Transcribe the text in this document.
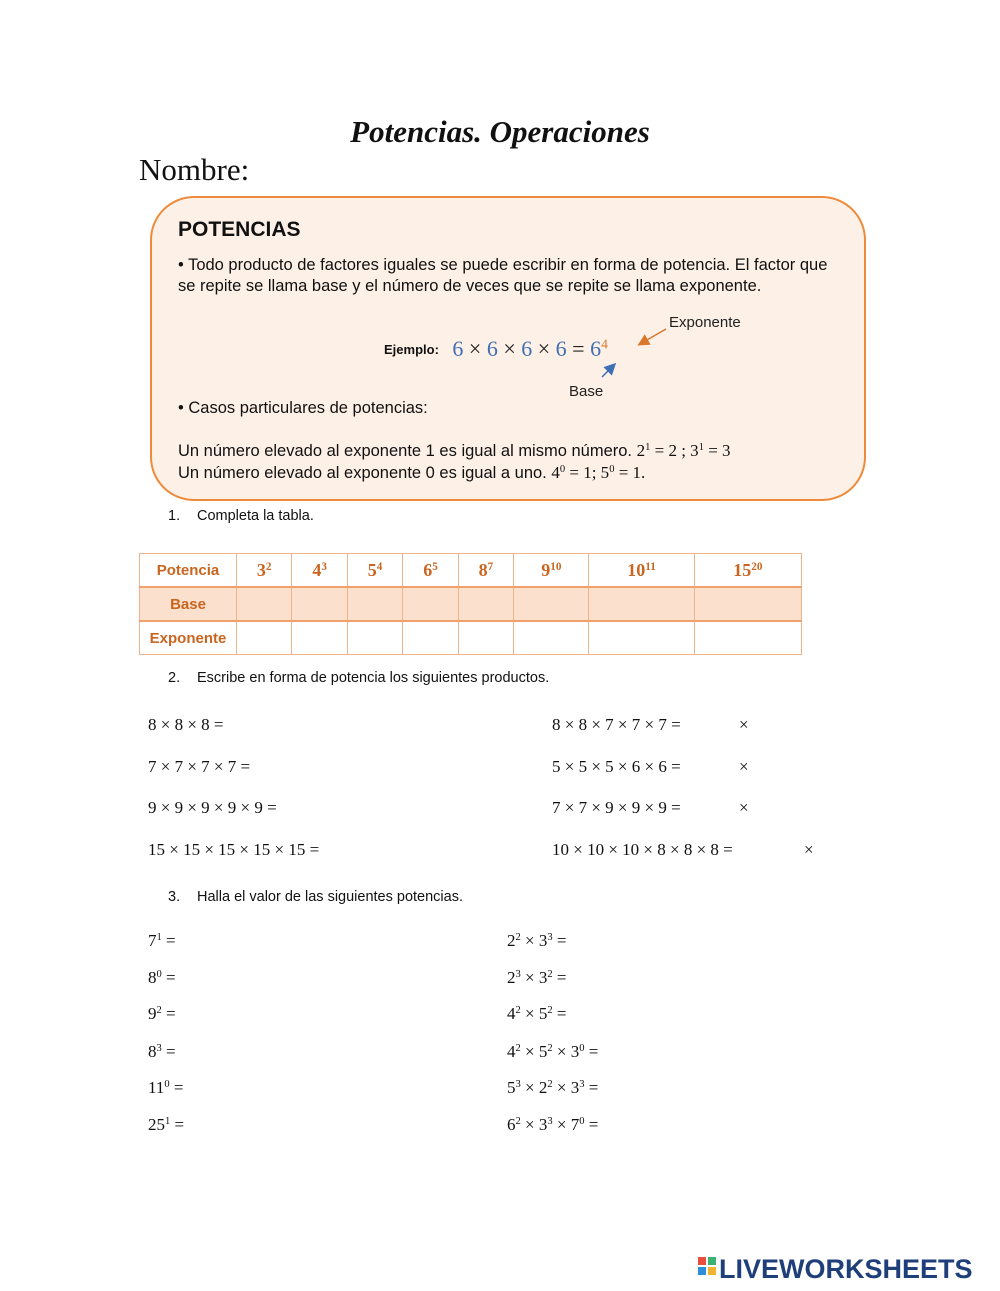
Potencias. Operaciones
Nombre:
POTENCIAS
• Todo producto de factores iguales se puede escribir en forma de potencia. El factor que se repite se llama base y el número de veces que se repite se llama exponente.
Ejemplo: $6 \times 6 \times 6 \times 6 = 6^4$
Exponente
Base
• Casos particulares de potencias:
Un número elevado al exponente 1 es igual al mismo número. $2^1 = 2$ ; $3^1 = 3$
Un número elevado al exponente 0 es igual a uno. $4^0 = 1$; $5^0 = 1$.
1. Completa la tabla.
Potencia	$3^2$	$4^3$	$5^4$	$6^5$	$8^7$	$9^{10}$	$10^{11}$	$15^{20}$
Base								
Exponente								
2. Escribe en forma de potencia los siguientes productos.
8 × 8 × 8 =
7 × 7 × 7 × 7 =
9 × 9 × 9 × 9 × 9 =
15 × 15 × 15 × 15 × 15 =
8 × 8 × 7 × 7 × 7 =
5 × 5 × 5 × 6 × 6 =
7 × 7 × 9 × 9 × 9 =
10 × 10 × 10 × 8 × 8 × 8 =
×
×
×
×
3. Halla el valor de las siguientes potencias.
$7^1$ =
$8^0$ =
$9^2$ =
$8^3$ =
$11^0$ =
$25^1$ =
$2^2 \times 3^3$ =
$2^3 \times 3^2$ =
$4^2 \times 5^2$ =
$4^2 \times 5^2 \times 3^0$ =
$5^3 \times 2^2 \times 3^3$ =
$6^2 \times 3^3 \times 7^0$ =

LIVEWORKSHEETS
